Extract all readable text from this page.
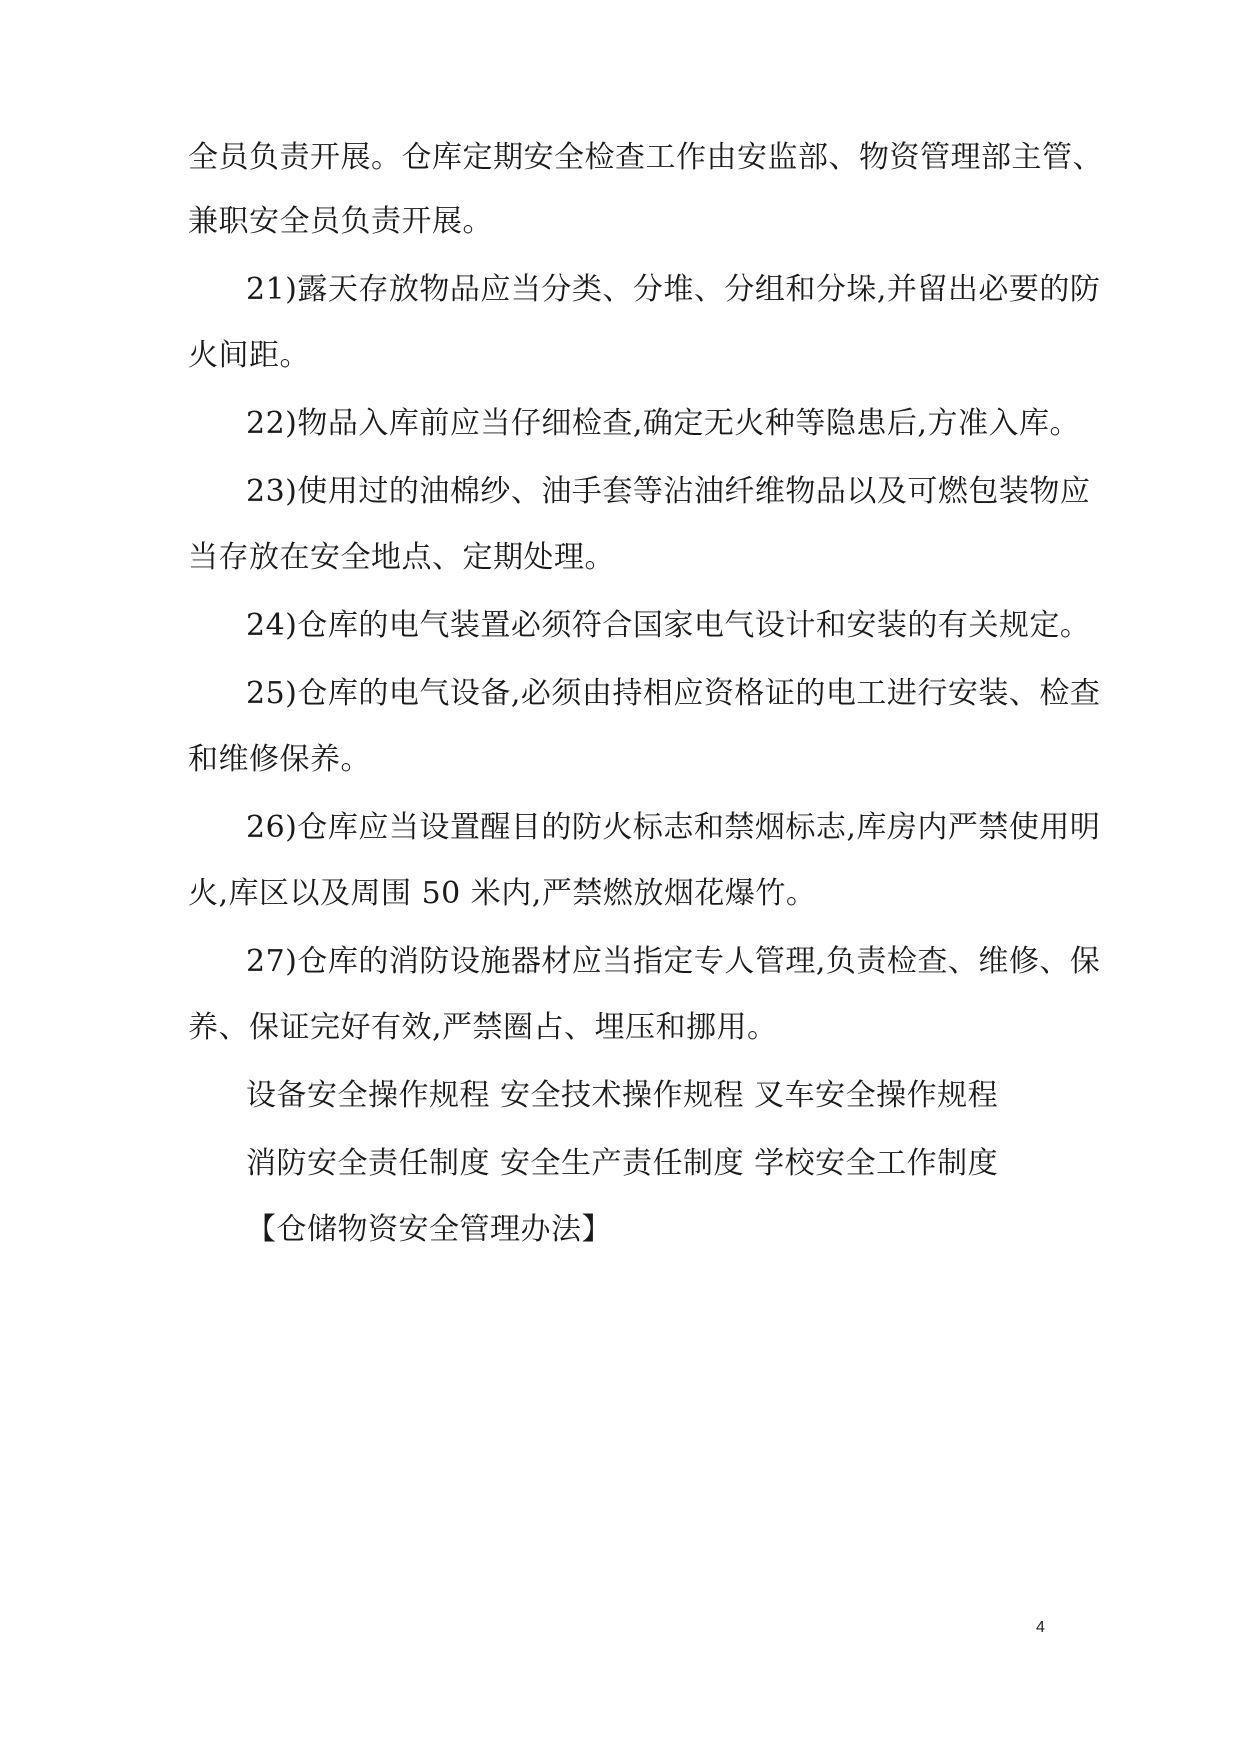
全员负责开展。仓库定期安全检查工作由安监部、物资管理部主管、
兼职安全员负责开展。
21)露天存放物品应当分类、分堆、分组和分垛,并留出必要的防
火间距。
22)物品入库前应当仔细检查,确定无火种等隐患后,方准入库。
23)使用过的油棉纱、油手套等沾油纤维物品以及可燃包装物应
当存放在安全地点、定期处理。
24)仓库的电气装置必须符合国家电气设计和安装的有关规定。
25)仓库的电气设备,必须由持相应资格证的电工进行安装、检查
和维修保养。
26)仓库应当设置醒目的防火标志和禁烟标志,库房内严禁使用明
火,库区以及周围 50 米内,严禁燃放烟花爆竹。
27)仓库的消防设施器材应当指定专人管理,负责检查、维修、保
养、保证完好有效,严禁圈占、埋压和挪用。
设备安全操作规程 安全技术操作规程 叉车安全操作规程
消防安全责任制度 安全生产责任制度 学校安全工作制度
【仓储物资安全管理办法】
4
